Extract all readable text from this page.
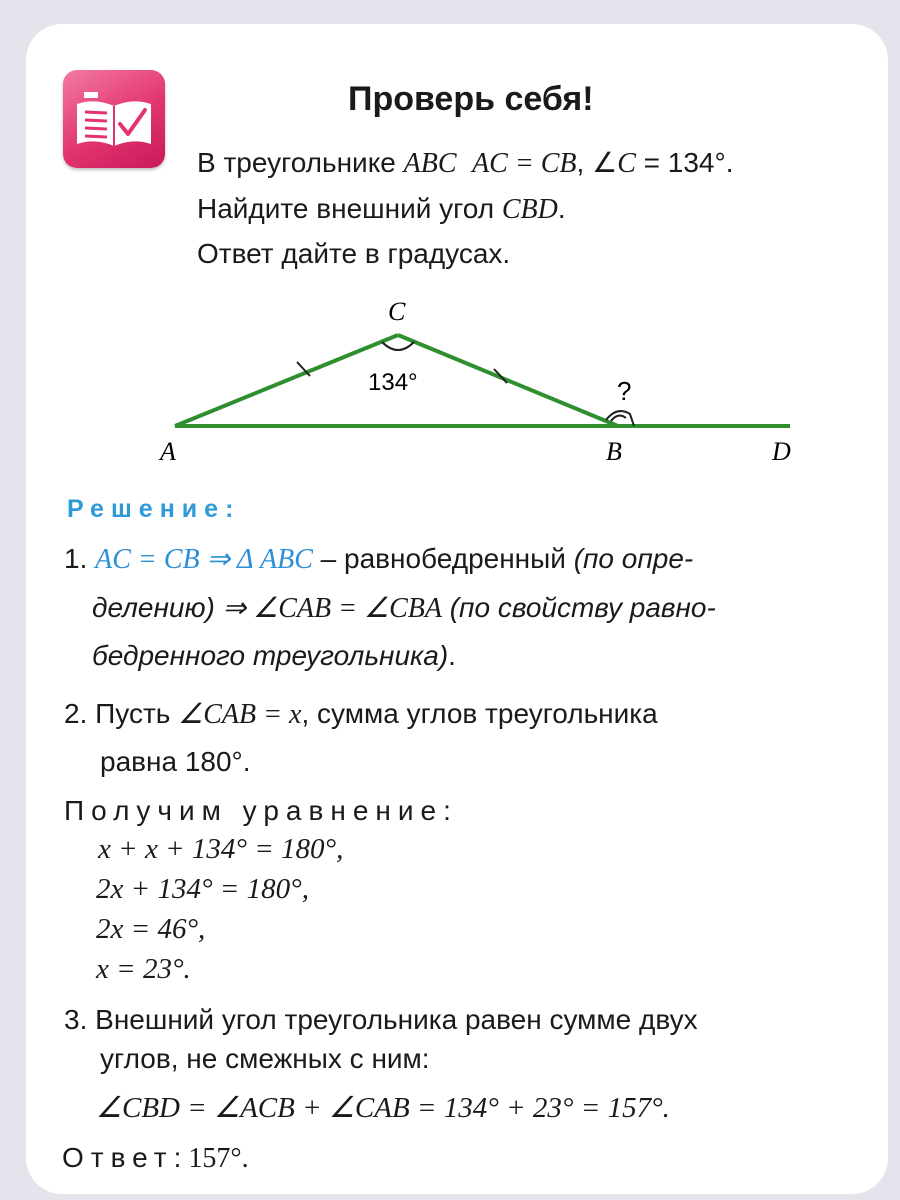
Проверь себя!
В треугольнике ABC AC = CB, ∠C = 134°.
Найдите внешний угол CBD.
Ответ дайте в градусах.
C
A	B	D
134°	?
Решение:
1. AC = CB ⇒ Δ ABC – равнобедренный (по опре-
делению) ⇒ ∠CAB = ∠CBA (по свойству равно-
бедренного треугольника).
2. Пусть ∠CAB = x, сумма углов треугольника
равна 180°.
Получим уравнение:
x + x + 134° = 180°,
2x + 134° = 180°,
2x = 46°,
x = 23°.
3. Внешний угол треугольника равен сумме двух
углов, не смежных с ним:
∠CBD = ∠ACB + ∠CAB = 134° + 23° = 157°.
Ответ: 157°.
